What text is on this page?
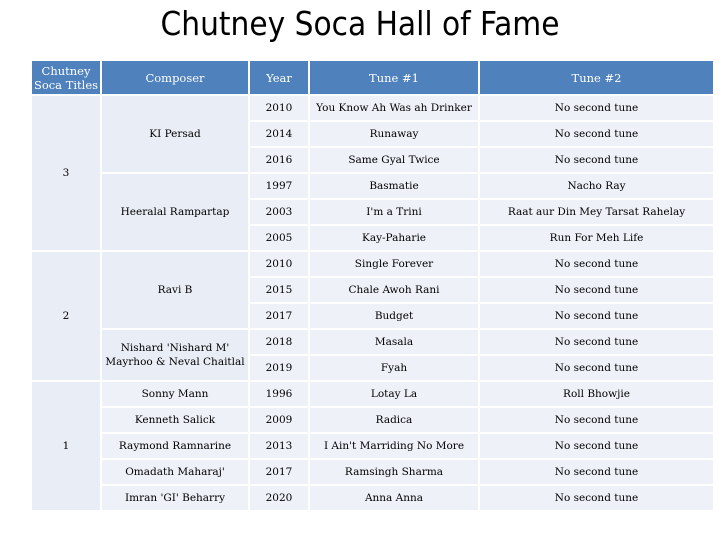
Chutney Soca Hall of Fame
Chutney
Soca Titles	Composer	Year	Tune #1	Tune #2
3	KI Persad	2010	You Know Ah Was ah Drinker	No second tune
		2014	Runaway	No second tune
		2016	Same Gyal Twice	No second tune
	Heeralal Rampartap	1997	Basmatie	Nacho Ray
		2003	I'm a Trini	Raat aur Din Mey Tarsat Rahelay
		2005	Kay-Paharie	Run For Meh Life
2	Ravi B	2010	Single Forever	No second tune
		2015	Chale Awoh Rani	No second tune
		2017	Budget	No second tune
	Nishard 'Nishard M' Mayrhoo & Neval Chaitlal	2018	Masala	No second tune
		2019	Fyah	No second tune
1	Sonny Mann	1996	Lotay La	Roll Bhowjie
	Kenneth Salick	2009	Radica	No second tune
	Raymond Ramnarine	2013	I Ain't Marriding No More	No second tune
	Omadath Maharaj'	2017	Ramsingh Sharma	No second tune
	Imran 'GI' Beharry	2020	Anna Anna	No second tune
